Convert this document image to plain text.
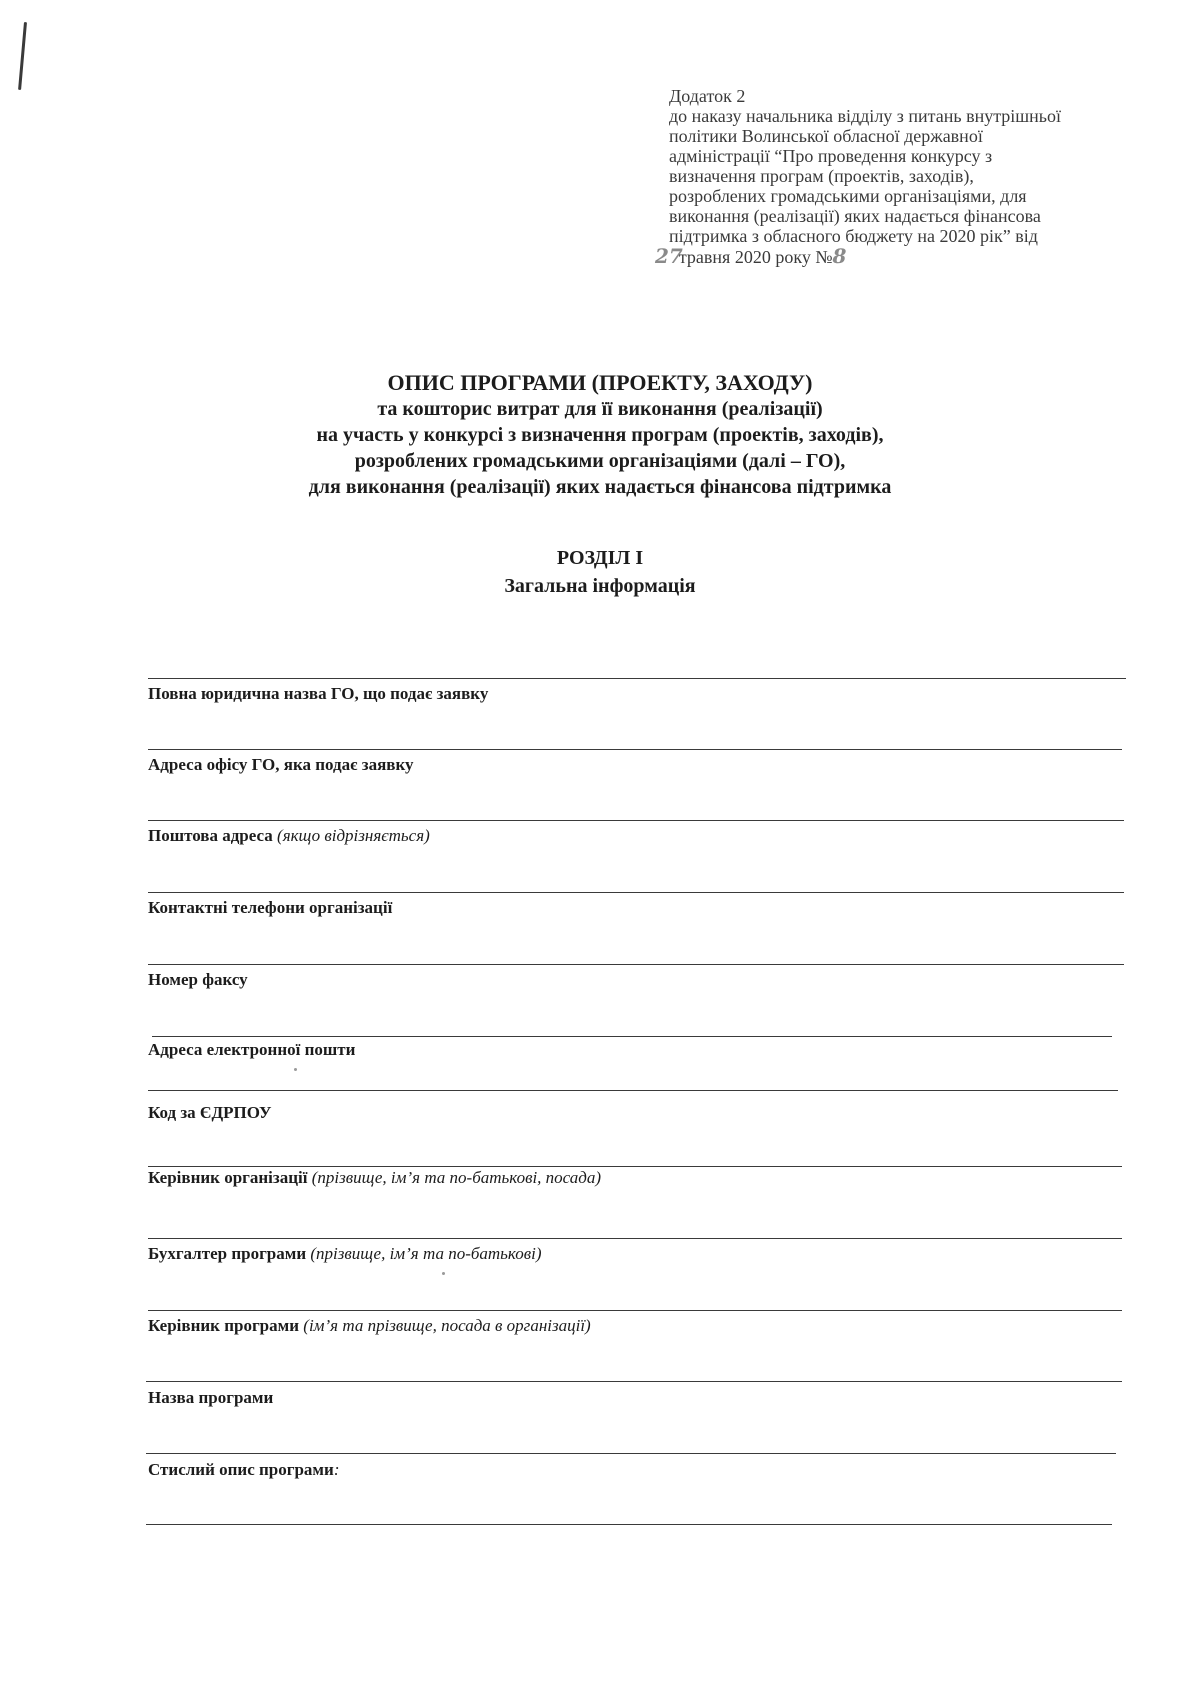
Додаток 2
до наказу начальника відділу з питань внутрішньої
політики Волинської обласної державної
адміністрації “Про проведення конкурсу з
визначення програм (проектів, заходів),
розроблених громадськими організаціями, для
виконання (реалізації) яких надається фінансова
підтримка з обласного бюджету на 2020 рік” від
27травня 2020 року №8
ОПИС ПРОГРАМИ (ПРОЕКТУ, ЗАХОДУ)
та кошторис витрат для її виконання (реалізації)
на участь у конкурсі з визначення програм (проектів, заходів),
розроблених громадськими організаціями (далі – ГО),
для виконання (реалізації) яких надається фінансова підтримка
РОЗДІЛ І
Загальна інформація
Повна юридична назва ГО, що подає заявку
Адреса офісу ГО, яка подає заявку
Поштова адреса (якщо відрізняється)
Контактні телефони організації
Номер факсу
Адреса електронної пошти
Код за ЄДРПОУ
Керівник організації (прізвище, ім’я та по-батькові, посада)
Бухгалтер програми (прізвище, ім’я та по-батькові)
Керівник програми (ім’я та прізвище, посада в організації)
Назва програми
Стислий опис програми:
